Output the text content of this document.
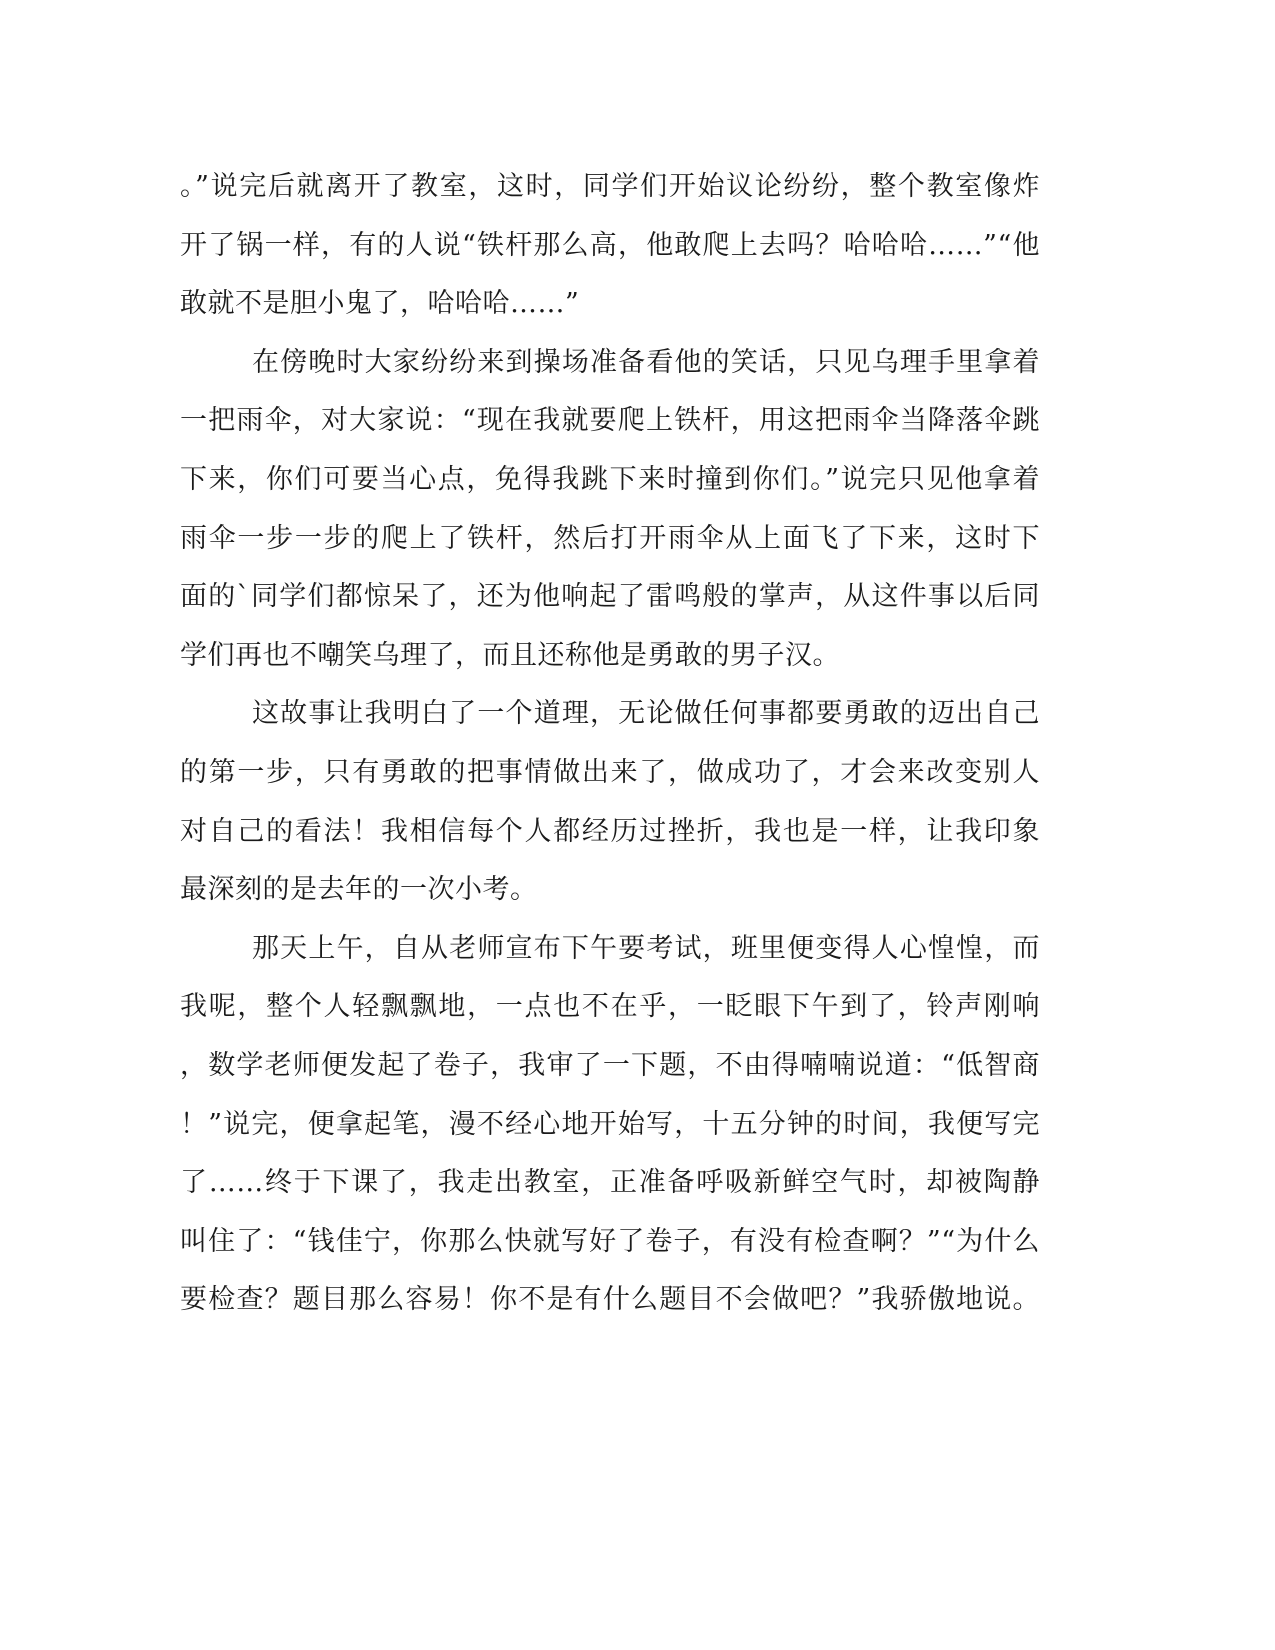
。”说完后就离开了教室，这时，同学们开始议论纷纷，整个教室像炸
开了锅一样，有的人说“铁杆那么高，他敢爬上去吗？哈哈哈……”“他
敢就不是胆小鬼了，哈哈哈……”
在傍晚时大家纷纷来到操场准备看他的笑话，只见乌理手里拿着
一把雨伞，对大家说：“现在我就要爬上铁杆，用这把雨伞当降落伞跳
下来，你们可要当心点，免得我跳下来时撞到你们。”说完只见他拿着
雨伞一步一步的爬上了铁杆，然后打开雨伞从上面飞了下来，这时下
面的`同学们都惊呆了，还为他响起了雷鸣般的掌声，从这件事以后同
学们再也不嘲笑乌理了，而且还称他是勇敢的男子汉。
这故事让我明白了一个道理，无论做任何事都要勇敢的迈出自己
的第一步，只有勇敢的把事情做出来了，做成功了，才会来改变别人
对自己的看法！我相信每个人都经历过挫折，我也是一样，让我印象
最深刻的是去年的一次小考。
那天上午，自从老师宣布下午要考试，班里便变得人心惶惶，而
我呢，整个人轻飘飘地，一点也不在乎，一眨眼下午到了，铃声刚响
，数学老师便发起了卷子，我审了一下题，不由得喃喃说道：“低智商
！”说完，便拿起笔，漫不经心地开始写，十五分钟的时间，我便写完
了……终于下课了，我走出教室，正准备呼吸新鲜空气时，却被陶静
叫住了：“钱佳宁，你那么快就写好了卷子，有没有检查啊？”“为什么
要检查？题目那么容易！你不是有什么题目不会做吧？”我骄傲地说。
